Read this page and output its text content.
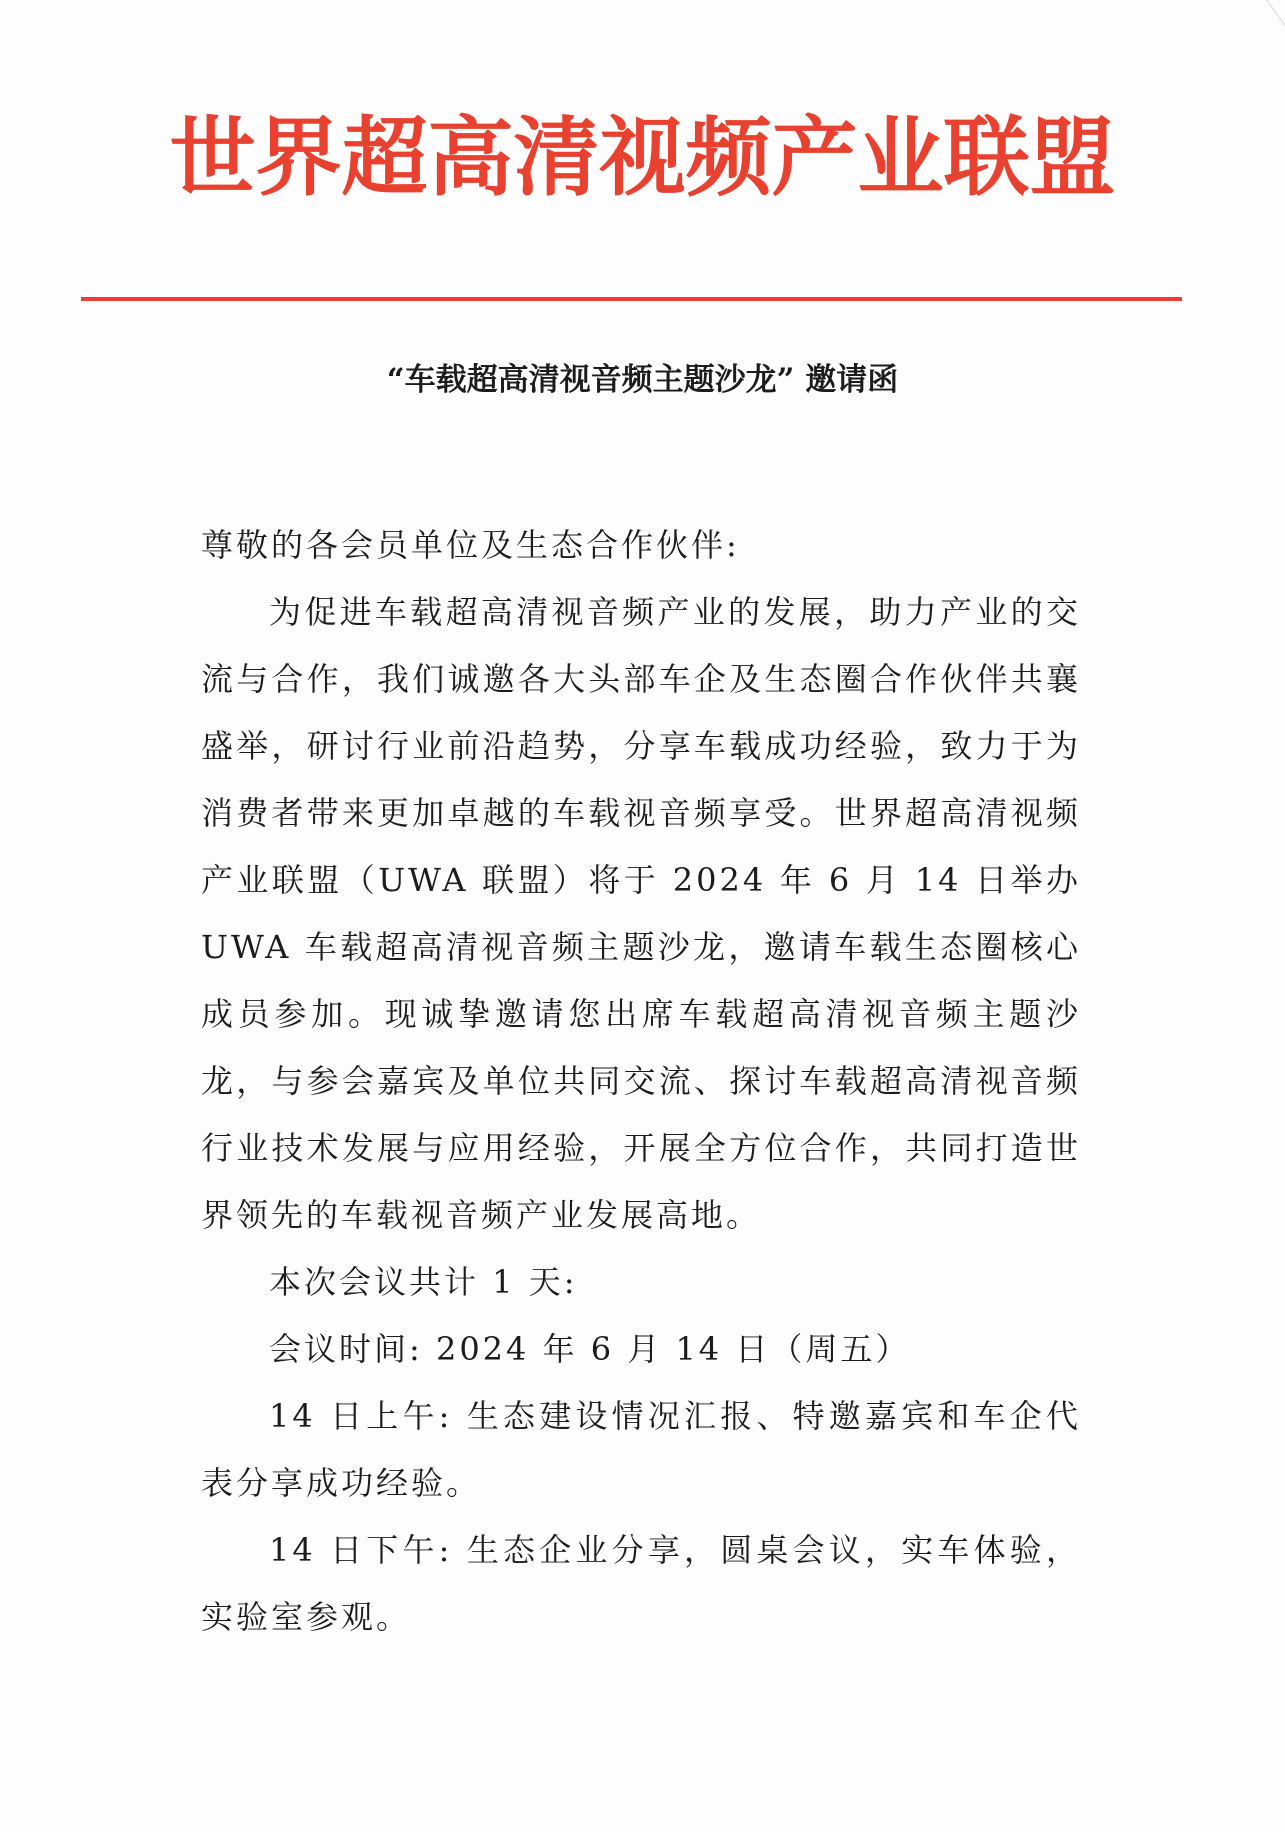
世界超高清视频产业联盟
“车载超高清视音频主题沙龙” 邀请函

尊敬的各会员单位及生态合作伙伴:

为促进车载超高清视音频产业的发展，助力产业的交流与合作，我们诚邀各大头部车企及生态圈合作伙伴共襄盛举，研讨行业前沿趋势，分享车载成功经验，致力于为消费者带来更加卓越的车载视音频享受。世界超高清视频产业联盟（UWA 联盟）将于 2024 年 6 月 14 日举办 UWA 车载超高清视音频主题沙龙，邀请车载生态圈核心成员参加。现诚挚邀请您出席车载超高清视音频主题沙龙，与参会嘉宾及单位共同交流、探讨车载超高清视音频行业技术发展与应用经验，开展全方位合作，共同打造世界领先的车载视音频产业发展高地。

本次会议共计 1 天:

会议时间: 2024 年 6 月 14 日（周五）

14 日上午: 生态建设情况汇报、特邀嘉宾和车企代表分享成功经验。

14 日下午: 生态企业分享，圆桌会议，实车体验，实验室参观。
